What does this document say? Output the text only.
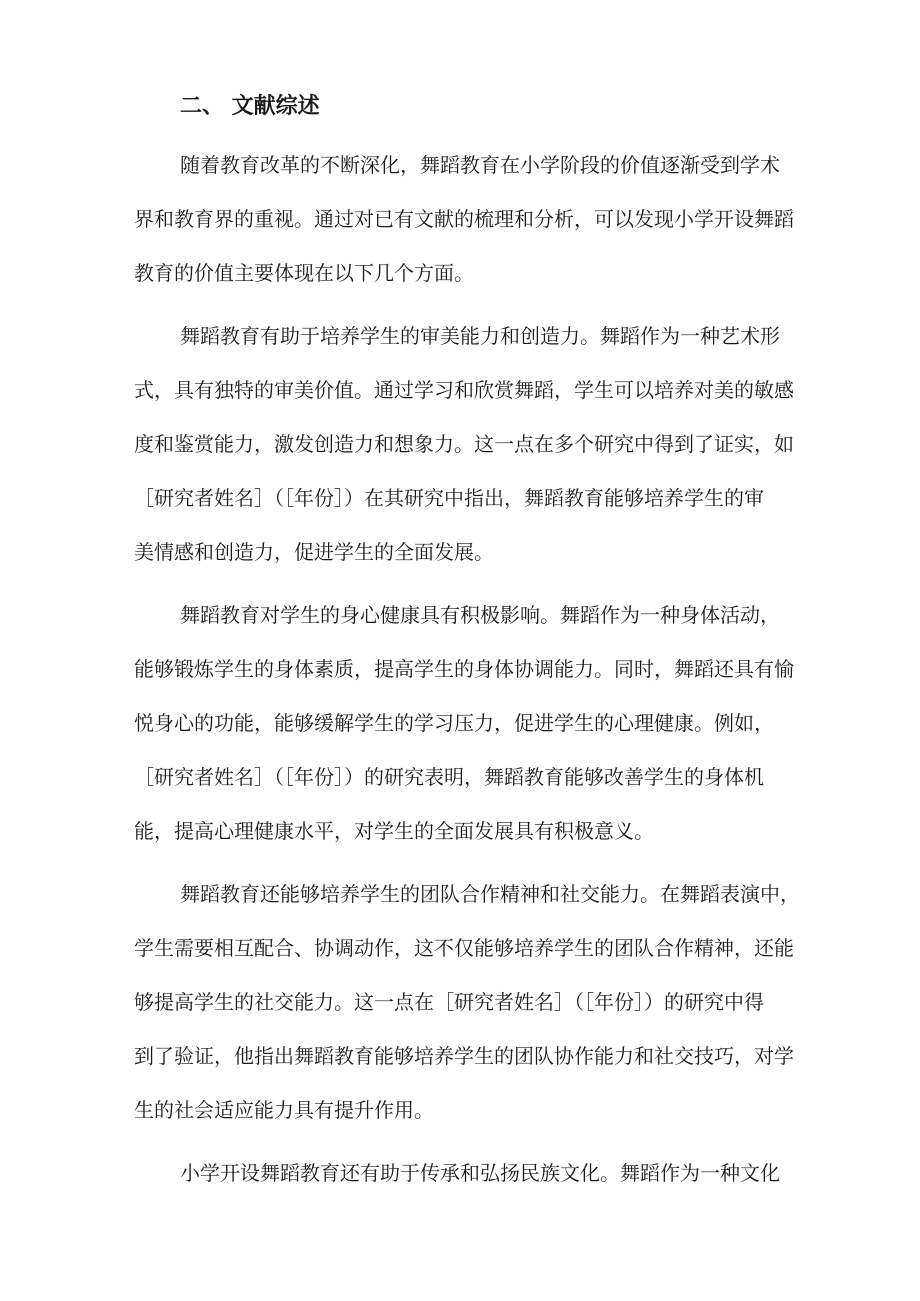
二、 文献综述

随着教育改革的不断深化，舞蹈教育在小学阶段的价值逐渐受到学术

界和教育界的重视。通过对已有文献的梳理和分析，可以发现小学开设舞蹈

教育的价值主要体现在以下几个方面。

舞蹈教育有助于培养学生的审美能力和创造力。舞蹈作为一种艺术形

式，具有独特的审美价值。通过学习和欣赏舞蹈，学生可以培养对美的敏感

度和鉴赏能力，激发创造力和想象力。这一点在多个研究中得到了证实，如

［研究者姓名］（［年份］）在其研究中指出，舞蹈教育能够培养学生的审

美情感和创造力，促进学生的全面发展。

舞蹈教育对学生的身心健康具有积极影响。舞蹈作为一种身体活动，

能够锻炼学生的身体素质，提高学生的身体协调能力。同时，舞蹈还具有愉

悦身心的功能，能够缓解学生的学习压力，促进学生的心理健康。例如，

［研究者姓名］（［年份］）的研究表明，舞蹈教育能够改善学生的身体机

能，提高心理健康水平，对学生的全面发展具有积极意义。

舞蹈教育还能够培养学生的团队合作精神和社交能力。在舞蹈表演中，

学生需要相互配合、协调动作，这不仅能够培养学生的团队合作精神，还能

够提高学生的社交能力。这一点在［研究者姓名］（［年份］）的研究中得

到了验证，他指出舞蹈教育能够培养学生的团队协作能力和社交技巧，对学

生的社会适应能力具有提升作用。

小学开设舞蹈教育还有助于传承和弘扬民族文化。舞蹈作为一种文化
